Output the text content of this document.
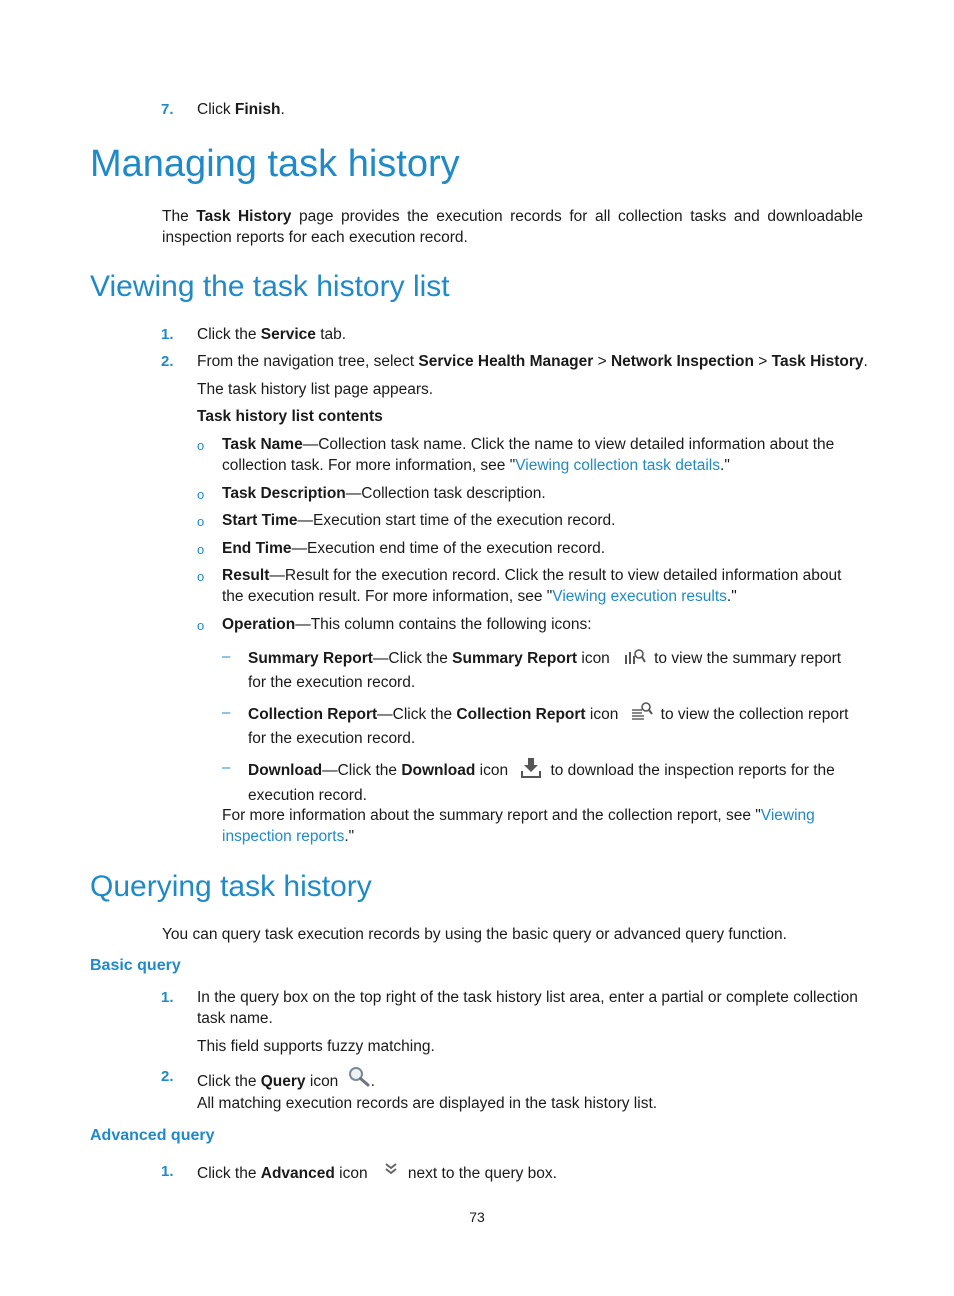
7. Click Finish.
Managing task history
The Task History page provides the execution records for all collection tasks and downloadable inspection reports for each execution record.
Viewing the task history list
1. Click the Service tab.
2. From the navigation tree, select Service Health Manager > Network Inspection > Task History.
The task history list page appears.
Task history list contents
o Task Name—Collection task name. Click the name to view detailed information about the collection task. For more information, see "Viewing collection task details."
o Task Description—Collection task description.
o Start Time—Execution start time of the execution record.
o End Time—Execution end time of the execution record.
o Result—Result for the execution record. Click the result to view detailed information about the execution result. For more information, see "Viewing execution results."
o Operation—This column contains the following icons:
– Summary Report—Click the Summary Report icon	to view the summary report for the execution record.
– Collection Report—Click the Collection Report icon	to view the collection report for the execution record.
– Download—Click the Download icon	to download the inspection reports for the execution record.
For more information about the summary report and the collection report, see "Viewing inspection reports."
Querying task history
You can query task execution records by using the basic query or advanced query function.
Basic query
1. In the query box on the top right of the task history list area, enter a partial or complete collection task name.
This field supports fuzzy matching.
2. Click the Query icon .
All matching execution records are displayed in the task history list.
Advanced query
1. Click the Advanced icon	next to the query box.
73
